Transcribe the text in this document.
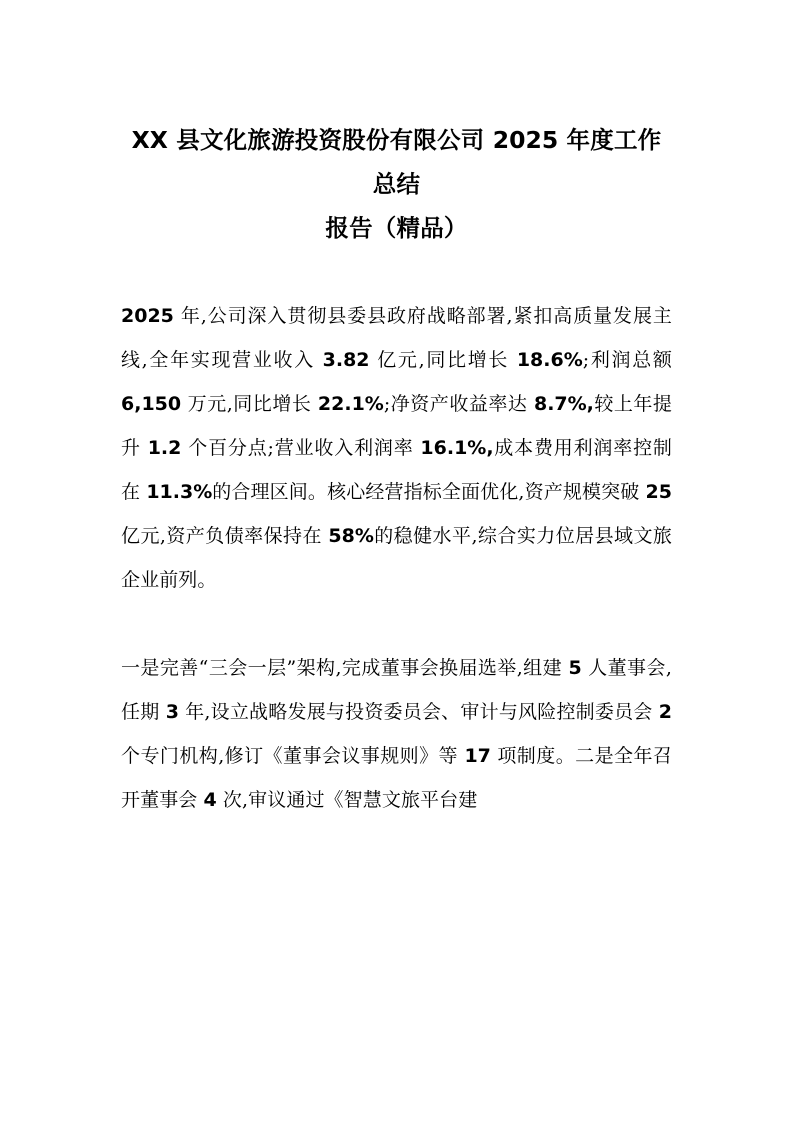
XX 县文化旅游投资股份有限公司 2025 年度工作总结
报告（精品）

2025 年,公司深入贯彻县委县政府战略部署,紧扣高质量发展主线,全年实现营业收入 3.82 亿元,同比增长 18.6%;利润总额 6,150 万元,同比增长 22.1%;净资产收益率达 8.7%,较上年提升 1.2 个百分点;营业收入利润率 16.1%,成本费用利润率控制在 11.3%的合理区间。核心经营指标全面优化,资产规模突破 25 亿元,资产负债率保持在 58%的稳健水平,综合实力位居县域文旅企业前列。

一是完善“三会一层”架构,完成董事会换届选举,组建 5 人董事会,任期 3 年,设立战略发展与投资委员会、审计与风险控制委员会 2 个专门机构,修订《董事会议事规则》等 17 项制度。二是全年召开董事会 4 次,审议通过《智慧文旅平台建
